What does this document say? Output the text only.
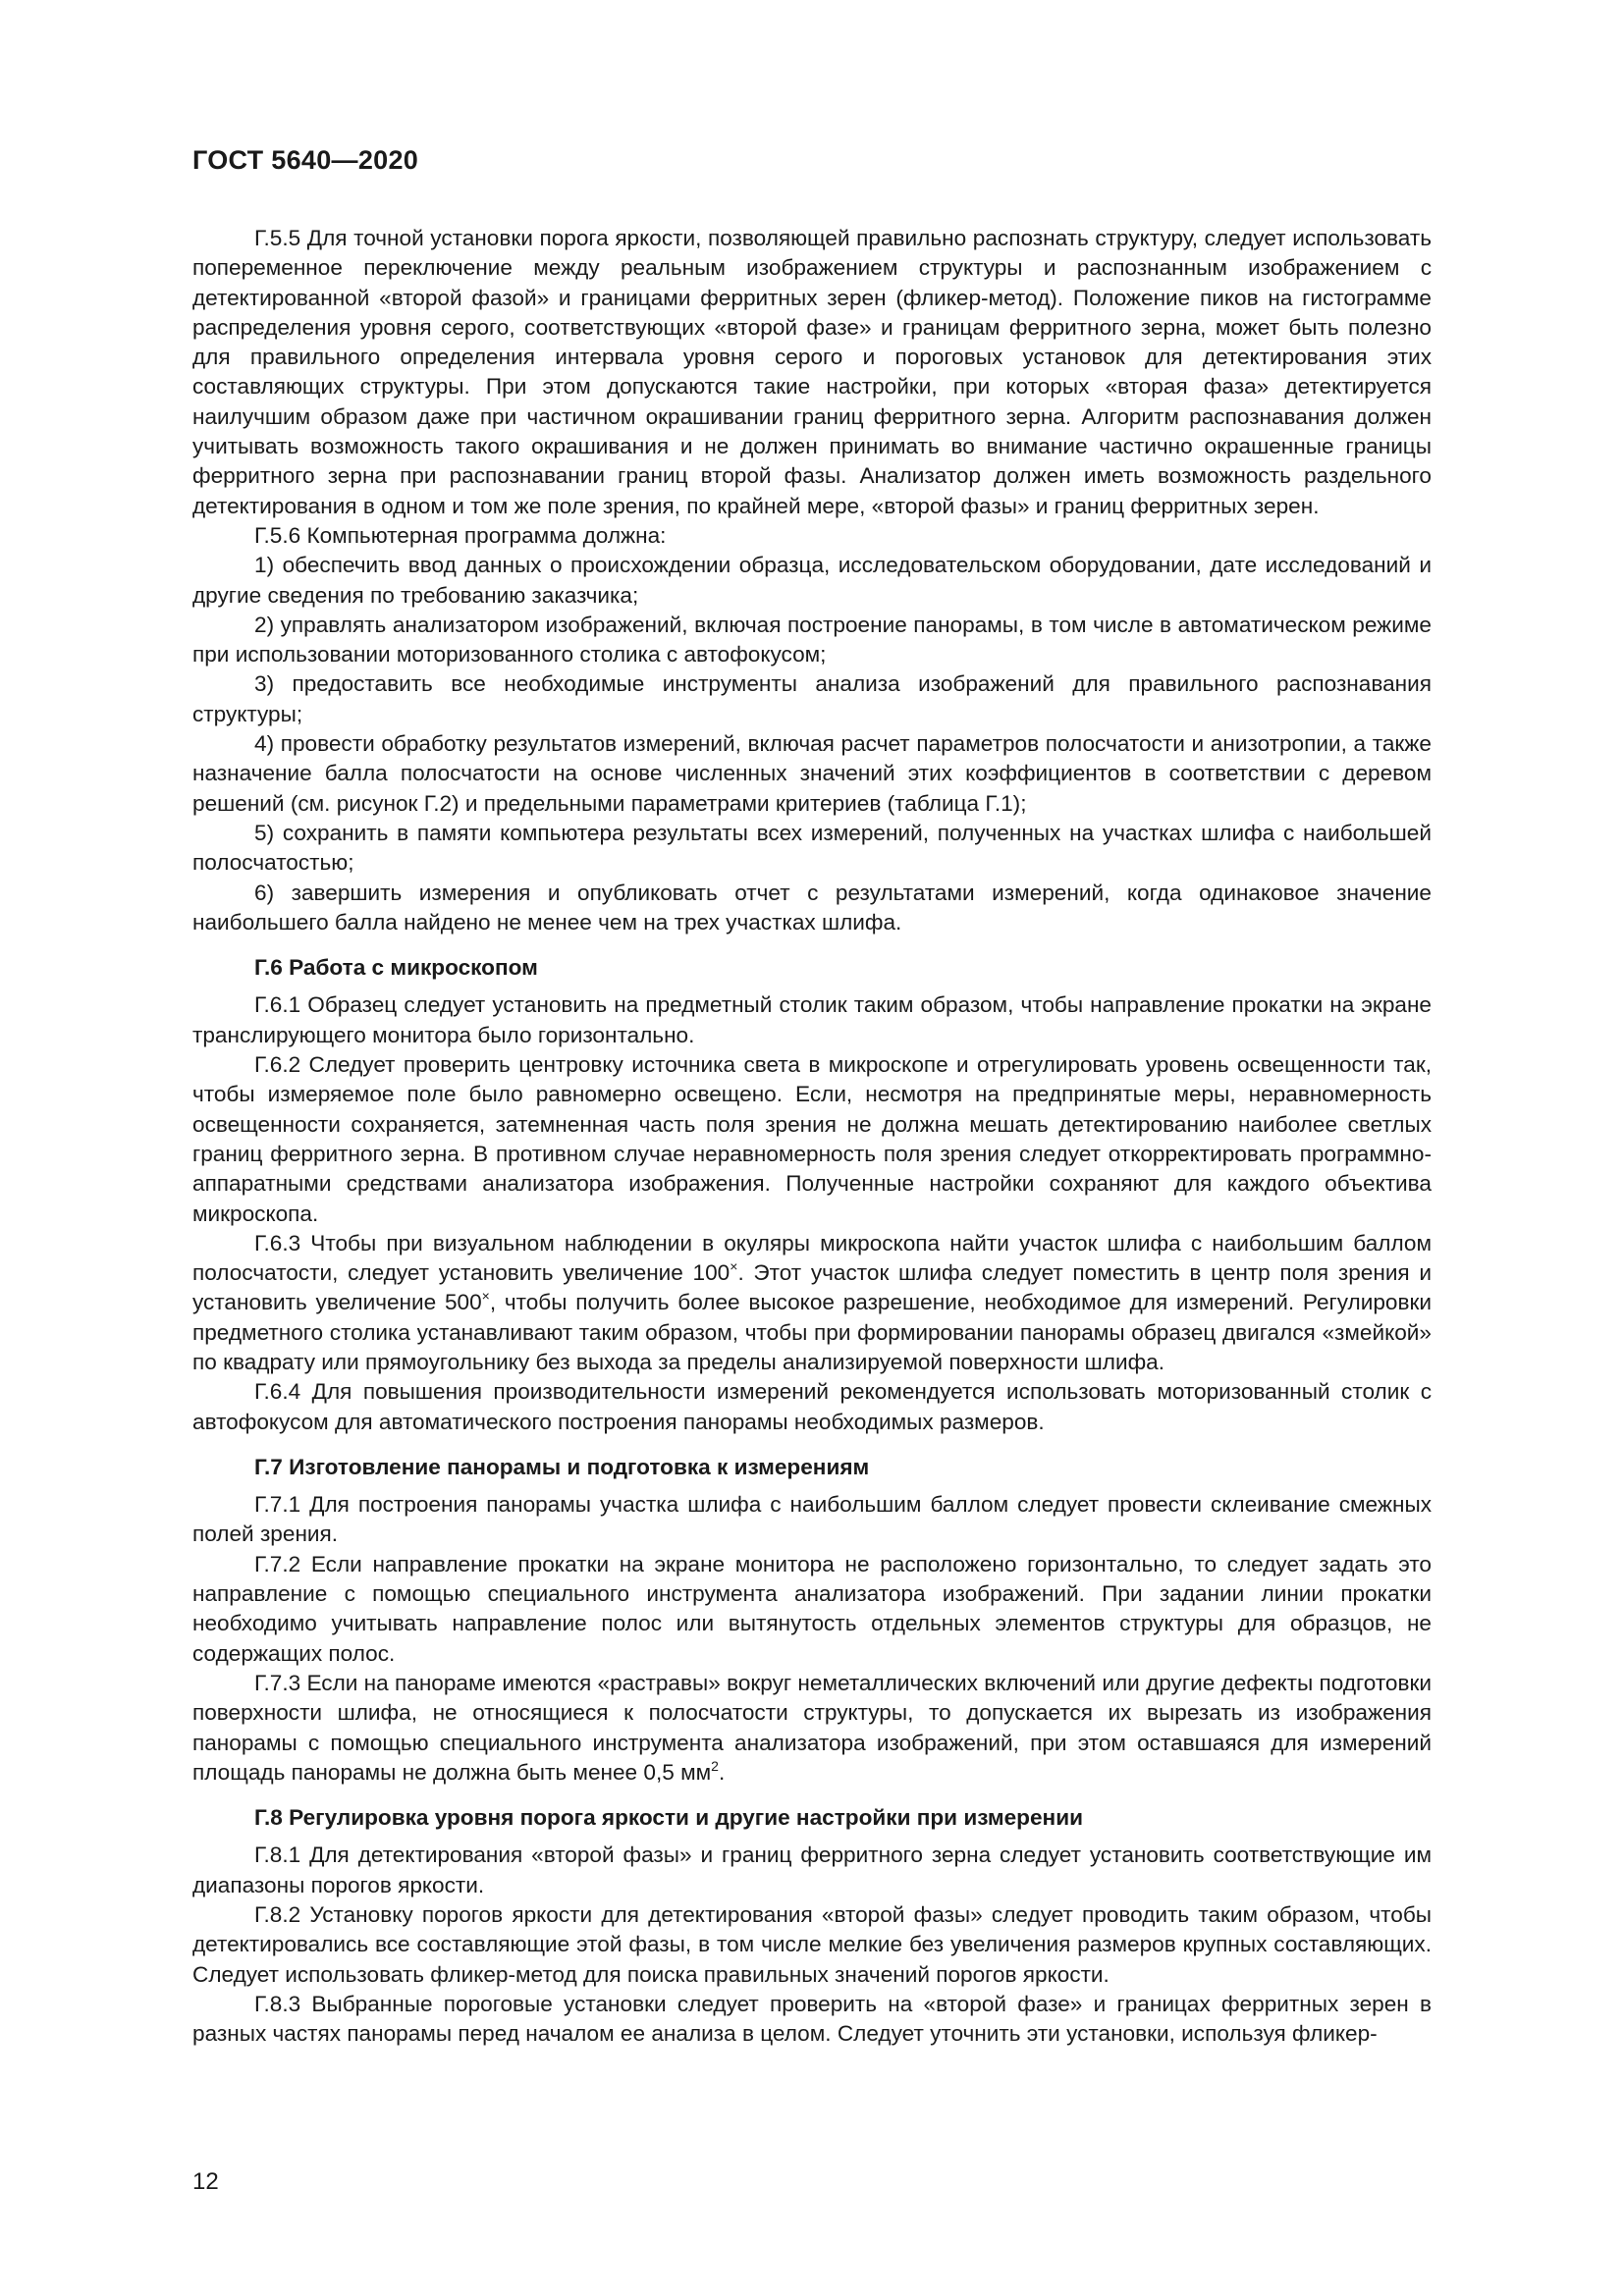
ГОСТ 5640—2020

Г.5.5 Для точной установки порога яркости, позволяющей правильно распознать структуру, следует использовать попеременное переключение между реальным изображением структуры и распознанным изображением с детектированной «второй фазой» и границами ферритных зерен (фликер-метод). Положение пиков на гистограмме распределения уровня серого, соответствующих «второй фазе» и границам ферритного зерна, может быть полезно для правильного определения интервала уровня серого и пороговых установок для детектирования этих составляющих структуры. При этом допускаются такие настройки, при которых «вторая фаза» детектируется наилучшим образом даже при частичном окрашивании границ ферритного зерна. Алгоритм распознавания должен учитывать возможность такого окрашивания и не должен принимать во внимание частично окрашенные границы ферритного зерна при распознавании границ второй фазы. Анализатор должен иметь возможность раздельного детектирования в одном и том же поле зрения, по крайней мере, «второй фазы» и границ ферритных зерен.

Г.5.6 Компьютерная программа должна:

1) обеспечить ввод данных о происхождении образца, исследовательском оборудовании, дате исследований и другие сведения по требованию заказчика;

2) управлять анализатором изображений, включая построение панорамы, в том числе в автоматическом режиме при использовании моторизованного столика с автофокусом;

3) предоставить все необходимые инструменты анализа изображений для правильного распознавания структуры;

4) провести обработку результатов измерений, включая расчет параметров полосчатости и анизотропии, а также назначение балла полосчатости на основе численных значений этих коэффициентов в соответствии с деревом решений (см. рисунок Г.2) и предельными параметрами критериев (таблица Г.1);

5) сохранить в памяти компьютера результаты всех измерений, полученных на участках шлифа с наибольшей полосчатостью;

6) завершить измерения и опубликовать отчет с результатами измерений, когда одинаковое значение наибольшего балла найдено не менее чем на трех участках шлифа.

Г.6 Работа с микроскопом

Г.6.1 Образец следует установить на предметный столик таким образом, чтобы направление прокатки на экране транслирующего монитора было горизонтально.

Г.6.2 Следует проверить центровку источника света в микроскопе и отрегулировать уровень освещенности так, чтобы измеряемое поле было равномерно освещено. Если, несмотря на предпринятые меры, неравномерность освещенности сохраняется, затемненная часть поля зрения не должна мешать детектированию наиболее светлых границ ферритного зерна. В противном случае неравномерность поля зрения следует откорректировать программно-аппаратными средствами анализатора изображения. Полученные настройки сохраняют для каждого объектива микроскопа.

Г.6.3 Чтобы при визуальном наблюдении в окуляры микроскопа найти участок шлифа с наибольшим баллом полосчатости, следует установить увеличение 100×. Этот участок шлифа следует поместить в центр поля зрения и установить увеличение 500×, чтобы получить более высокое разрешение, необходимое для измерений. Регулировки предметного столика устанавливают таким образом, чтобы при формировании панорамы образец двигался «змейкой» по квадрату или прямоугольнику без выхода за пределы анализируемой поверхности шлифа.

Г.6.4 Для повышения производительности измерений рекомендуется использовать моторизованный столик с автофокусом для автоматического построения панорамы необходимых размеров.

Г.7 Изготовление панорамы и подготовка к измерениям

Г.7.1 Для построения панорамы участка шлифа с наибольшим баллом следует провести склеивание смежных полей зрения.

Г.7.2 Если направление прокатки на экране монитора не расположено горизонтально, то следует задать это направление с помощью специального инструмента анализатора изображений. При задании линии прокатки необходимо учитывать направление полос или вытянутость отдельных элементов структуры для образцов, не содержащих полос.

Г.7.3 Если на панораме имеются «растравы» вокруг неметаллических включений или другие дефекты подготовки поверхности шлифа, не относящиеся к полосчатости структуры, то допускается их вырезать из изображения панорамы с помощью специального инструмента анализатора изображений, при этом оставшаяся для измерений площадь панорамы не должна быть менее 0,5 $мм^2$.

Г.8 Регулировка уровня порога яркости и другие настройки при измерении

Г.8.1 Для детектирования «второй фазы» и границ ферритного зерна следует установить соответствующие им диапазоны порогов яркости.

Г.8.2 Установку порогов яркости для детектирования «второй фазы» следует проводить таким образом, чтобы детектировались все составляющие этой фазы, в том числе мелкие без увеличения размеров крупных составляющих. Следует использовать фликер-метод для поиска правильных значений порогов яркости.

Г.8.3 Выбранные пороговые установки следует проверить на «второй фазе» и границах ферритных зерен в разных частях панорамы перед началом ее анализа в целом. Следует уточнить эти установки, используя фликер-

12
